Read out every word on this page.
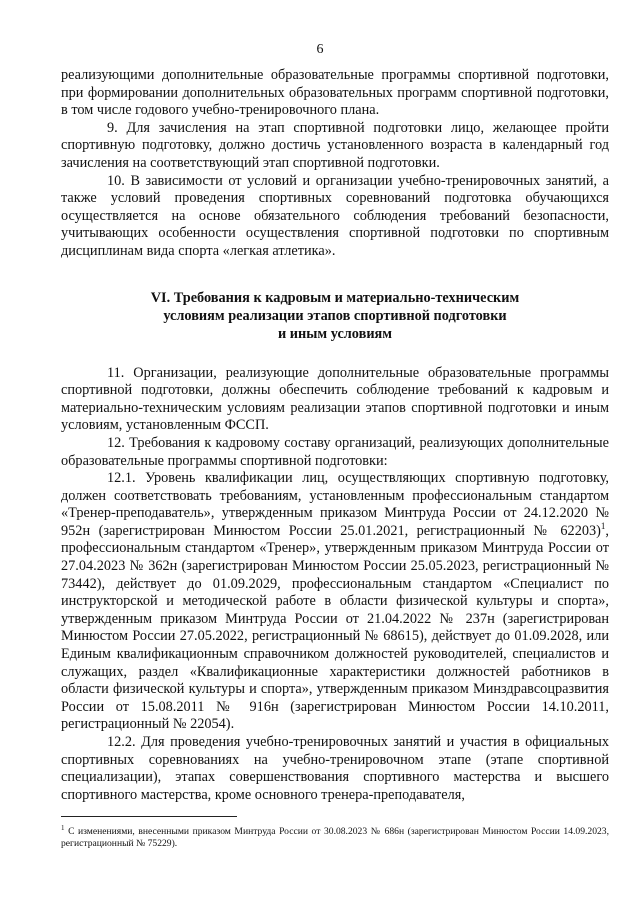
6

реализующими дополнительные образовательные программы спортивной подготовки, при формировании дополнительных образовательных программ спортивной подготовки, в том числе годового учебно-тренировочного плана.

9. Для зачисления на этап спортивной подготовки лицо, желающее пройти спортивную подготовку, должно достичь установленного возраста в календарный год зачисления на соответствующий этап спортивной подготовки.

10. В зависимости от условий и организации учебно-тренировочных занятий, а также условий проведения спортивных соревнований подготовка обучающихся осуществляется на основе обязательного соблюдения требований безопасности, учитывающих особенности осуществления спортивной подготовки по спортивным дисциплинам вида спорта «легкая атлетика».

VI. Требования к кадровым и материально-техническим
условиям реализации этапов спортивной подготовки
и иным условиям

11. Организации, реализующие дополнительные образовательные программы спортивной подготовки, должны обеспечить соблюдение требований к кадровым и материально-техническим условиям реализации этапов спортивной подготовки и иным условиям, установленным ФССП.

12. Требования к кадровому составу организаций, реализующих дополнительные образовательные программы спортивной подготовки:

12.1. Уровень квалификации лиц, осуществляющих спортивную подготовку, должен соответствовать требованиям, установленным профессиональным стандартом «Тренер-преподаватель», утвержденным приказом Минтруда России от 24.12.2020 № 952н (зарегистрирован Минюстом России 25.01.2021, регистрационный № 62203)$^1$, профессиональным стандартом «Тренер», утвержденным приказом Минтруда России от 27.04.2023 № 362н (зарегистрирован Минюстом России 25.05.2023, регистрационный № 73442), действует до 01.09.2029, профессиональным стандартом «Специалист по инструкторской и методической работе в области физической культуры и спорта», утвержденным приказом Минтруда России от 21.04.2022 № 237н (зарегистрирован Минюстом России 27.05.2022, регистрационный № 68615), действует до 01.09.2028, или Единым квалификационным справочником должностей руководителей, специалистов и служащих, раздел «Квалификационные характеристики должностей работников в области физической культуры и спорта», утвержденным приказом Минздравсоцразвития России от 15.08.2011 № 916н (зарегистрирован Минюстом России 14.10.2011, регистрационный № 22054).

12.2. Для проведения учебно-тренировочных занятий и участия в официальных спортивных соревнованиях на учебно-тренировочном этапе (этапе спортивной специализации), этапах совершенствования спортивного мастерства и высшего спортивного мастерства, кроме основного тренера-преподавателя,

$^1$ С изменениями, внесенными приказом Минтруда России от 30.08.2023 № 686н (зарегистрирован Минюстом России 14.09.2023, регистрационный № 75229).
